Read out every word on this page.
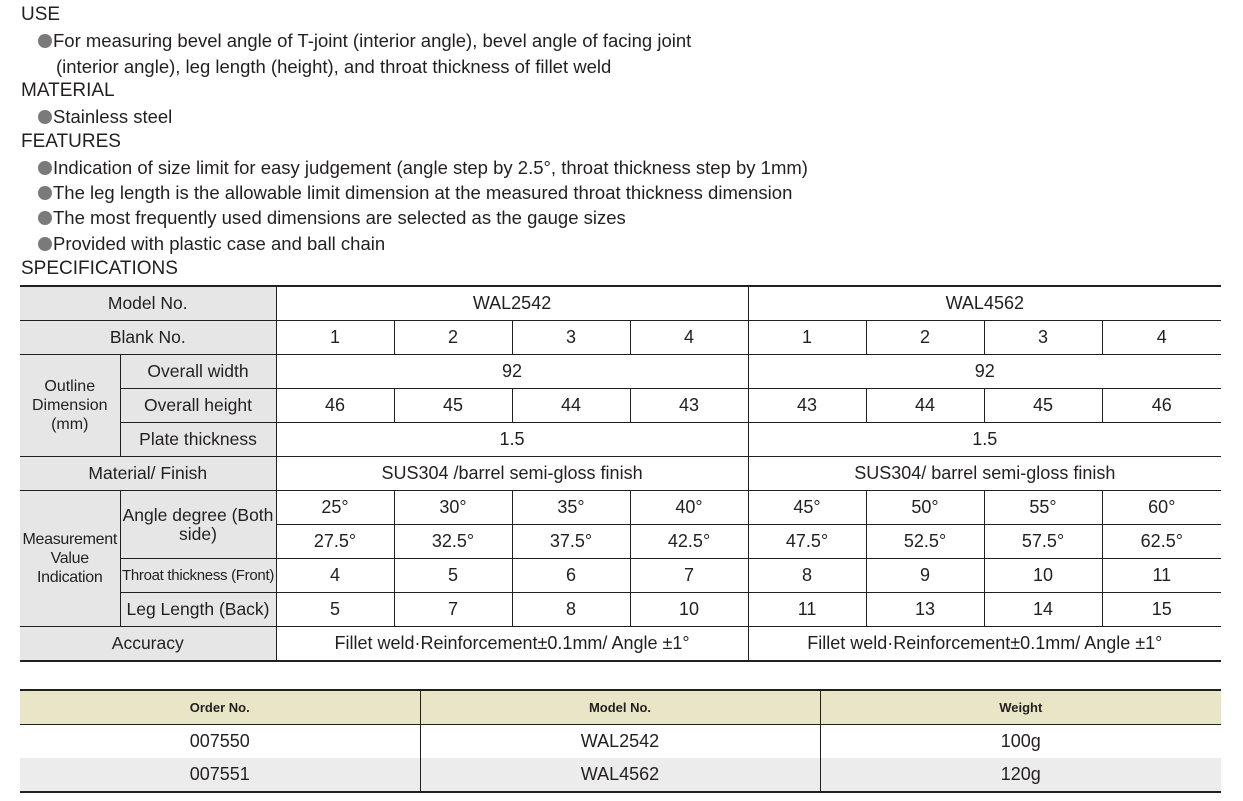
USE
For measuring bevel angle of T-joint (interior angle), bevel angle of facing joint
(interior angle), leg length (height), and throat thickness of fillet weld
MATERIAL
Stainless steel
FEATURES
Indication of size limit for easy judgement (angle step by 2.5°, throat thickness step by 1mm)
The leg length is the allowable limit dimension at the measured throat thickness dimension
The most frequently used dimensions are selected as the gauge sizes
Provided with plastic case and ball chain
SPECIFICATIONS
Model No.		WAL2542				WAL4562			
Blank No.		1	2	3	4	1	2	3	4
Outline Dimension (mm)	Overall width	92				92			
	Overall height	46	45	44	43	43	44	45	46
	Plate thickness	1.5				1.5			
Material/ Finish		SUS304 /barrel semi-gloss finish				SUS304/ barrel semi-gloss finish			
Measurement Value Indication	Angle degree (Both side)	25°	30°	35°	40°	45°	50°	55°	60°
		27.5°	32.5°	37.5°	42.5°	47.5°	52.5°	57.5°	62.5°
	Throat thickness (Front)	4	5	6	7	8	9	10	11
	Leg Length (Back)	5	7	8	10	11	13	14	15
Accuracy		Fillet weld·Reinforcement±0.1mm/ Angle ±1°				Fillet weld·Reinforcement±0.1mm/ Angle ±1°			
Order No.	Model No.	Weight
007550	WAL2542	100g
007551	WAL4562	120g
